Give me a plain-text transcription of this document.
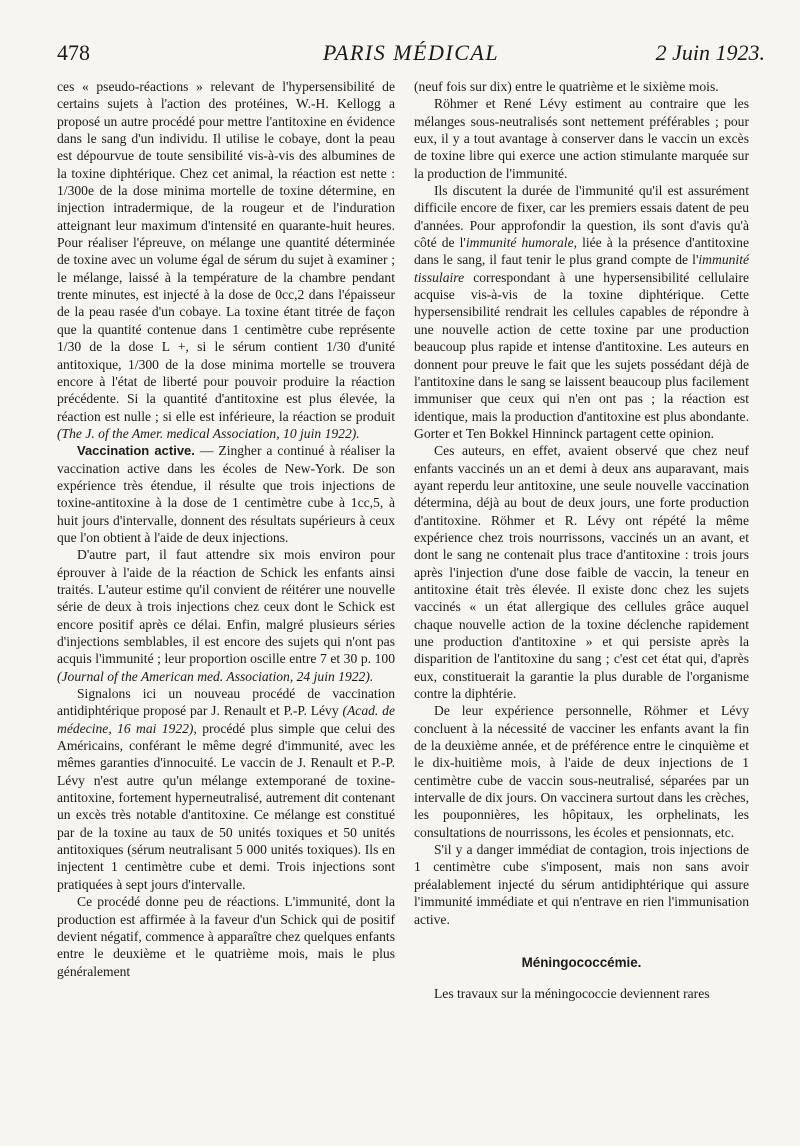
478	PARIS MÉDICAL	2 Juin 1923.

ces « pseudo-réactions » relevant de l'hypersensibilité de certains sujets à l'action des protéines, W.-H. Kellogg a proposé un autre procédé pour mettre l'antitoxine en évidence dans le sang d'un individu. Il utilise le cobaye, dont la peau est dépourvue de toute sensibilité vis-à-vis des albumines de la toxine diphtérique. Chez cet animal, la réaction est nette : 1/300e de la dose minima mortelle de toxine détermine, en injection intradermique, de la rougeur et de l'induration atteignant leur maximum d'intensité en quarante-huit heures. Pour réaliser l'épreuve, on mélange une quantité déterminée de toxine avec un volume égal de sérum du sujet à examiner ; le mélange, laissé à la température de la chambre pendant trente minutes, est injecté à la dose de 0cc,2 dans l'épaisseur de la peau rasée d'un cobaye. La toxine étant titrée de façon que la quantité contenue dans 1 centimètre cube représente 1/30 de la dose L +, si le sérum contient 1/30 d'unité antitoxique, 1/300 de la dose minima mortelle se trouvera encore à l'état de liberté pour pouvoir produire la réaction précédente. Si la quantité d'antitoxine est plus élevée, la réaction est nulle ; si elle est inférieure, la réaction se produit (The J. of the Amer. medical Association, 10 juin 1922).

Vaccination active. — Zingher a continué à réaliser la vaccination active dans les écoles de New-York. De son expérience très étendue, il résulte que trois injections de toxine-antitoxine à la dose de 1 centimètre cube à 1cc,5, à huit jours d'intervalle, donnent des résultats supérieurs à ceux que l'on obtient à l'aide de deux injections.

D'autre part, il faut attendre six mois environ pour éprouver à l'aide de la réaction de Schick les enfants ainsi traités. L'auteur estime qu'il convient de réitérer une nouvelle série de deux à trois injections chez ceux dont le Schick est encore positif après ce délai. Enfin, malgré plusieurs séries d'injections semblables, il est encore des sujets qui n'ont pas acquis l'immunité ; leur proportion oscille entre 7 et 30 p. 100 (Journal of the American med. Association, 24 juin 1922).

Signalons ici un nouveau procédé de vaccination antidiphtérique proposé par J. Renault et P.-P. Lévy (Acad. de médecine, 16 mai 1922), procédé plus simple que celui des Américains, conférant le même degré d'immunité, avec les mêmes garanties d'innocuité. Le vaccin de J. Renault et P.-P. Lévy n'est autre qu'un mélange extemporané de toxine-antitoxine, fortement hyperneutralisé, autrement dit contenant un excès très notable d'antitoxine. Ce mélange est constitué par de la toxine au taux de 50 unités toxiques et 50 unités antitoxiques (sérum neutralisant 5 000 unités toxiques). Ils en injectent 1 centimètre cube et demi. Trois injections sont pratiquées à sept jours d'intervalle.

Ce procédé donne peu de réactions. L'immunité, dont la production est affirmée à la faveur d'un Schick qui de positif devient négatif, commence à apparaître chez quelques enfants entre le deuxième et le quatrième mois, mais le plus généralement

(neuf fois sur dix) entre le quatrième et le sixième mois.

Röhmer et René Lévy estiment au contraire que les mélanges sous-neutralisés sont nettement préférables ; pour eux, il y a tout avantage à conserver dans le vaccin un excès de toxine libre qui exerce une action stimulante marquée sur la production de l'immunité.

Ils discutent la durée de l'immunité qu'il est assurément difficile encore de fixer, car les premiers essais datent de peu d'années. Pour approfondir la question, ils sont d'avis qu'à côté de l'immunité humorale, liée à la présence d'antitoxine dans le sang, il faut tenir le plus grand compte de l'immunité tissulaire correspondant à une hypersensibilité cellulaire acquise vis-à-vis de la toxine diphtérique. Cette hypersensibilité rendrait les cellules capables de répondre à une nouvelle action de cette toxine par une production beaucoup plus rapide et intense d'antitoxine. Les auteurs en donnent pour preuve le fait que les sujets possédant déjà de l'antitoxine dans le sang se laissent beaucoup plus facilement immuniser que ceux qui n'en ont pas ; la réaction est identique, mais la production d'antitoxine est plus abondante. Gorter et Ten Bokkel Hinninck partagent cette opinion.

Ces auteurs, en effet, avaient observé que chez neuf enfants vaccinés un an et demi à deux ans auparavant, mais ayant reperdu leur antitoxine, une seule nouvelle vaccination détermina, déjà au bout de deux jours, une forte production d'antitoxine. Röhmer et R. Lévy ont répété la même expérience chez trois nourrissons, vaccinés un an avant, et dont le sang ne contenait plus trace d'antitoxine : trois jours après l'injection d'une dose faible de vaccin, la teneur en antitoxine était très élevée. Il existe donc chez les sujets vaccinés « un état allergique des cellules grâce auquel chaque nouvelle action de la toxine déclenche rapidement une production d'antitoxine » et qui persiste après la disparition de l'antitoxine du sang ; c'est cet état qui, d'après eux, constituerait la garantie la plus durable de l'organisme contre la diphtérie.

De leur expérience personnelle, Röhmer et Lévy concluent à la nécessité de vacciner les enfants avant la fin de la deuxième année, et de préférence entre le cinquième et le dix-huitième mois, à l'aide de deux injections de 1 centimètre cube de vaccin sous-neutralisé, séparées par un intervalle de dix jours. On vaccinera surtout dans les crèches, les pouponnières, les hôpitaux, les orphelinats, les consultations de nourrissons, les écoles et pensionnats, etc.

S'il y a danger immédiat de contagion, trois injections de 1 centimètre cube s'imposent, mais non sans avoir préalablement injecté du sérum antidiphtérique qui assure l'immunité immédiate et qui n'entrave en rien l'immunisation active.

Méningococcémie.

Les travaux sur la méningococcie deviennent rares
